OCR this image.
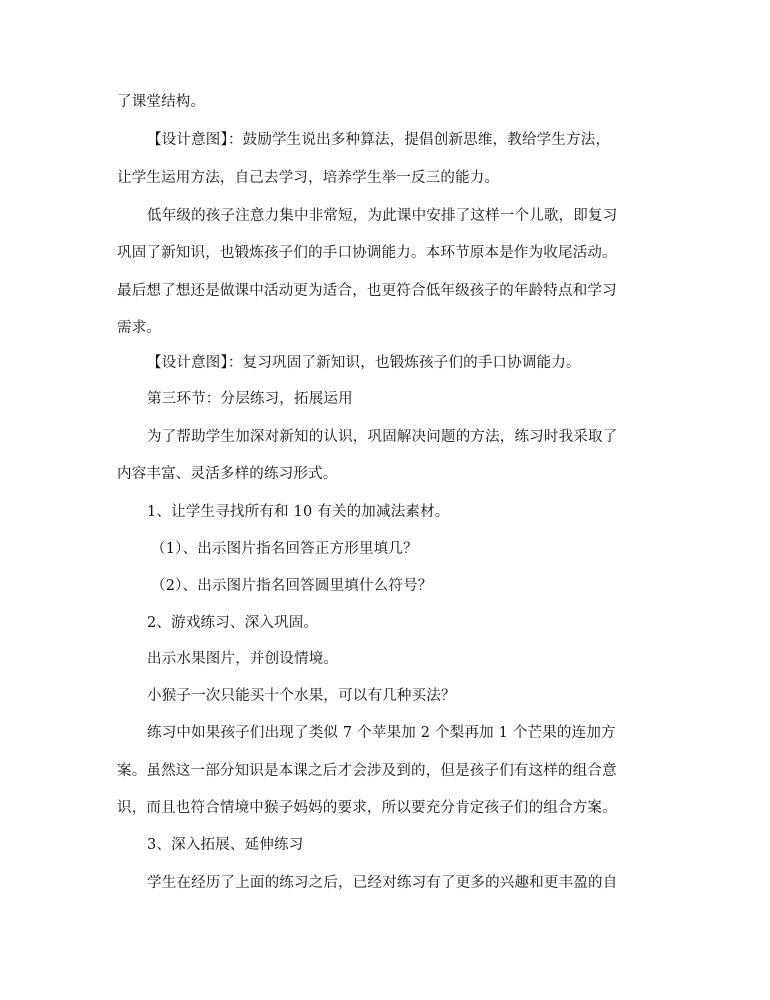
了课堂结构。
【设计意图】：鼓励学生说出多种算法，提倡创新思维，教给学生方法，
让学生运用方法，自己去学习，培养学生举一反三的能力。
低年级的孩子注意力集中非常短，为此课中安排了这样一个儿歌，即复习
巩固了新知识，也锻炼孩子们的手口协调能力。本环节原本是作为收尾活动。
最后想了想还是做课中活动更为适合，也更符合低年级孩子的年龄特点和学习
需求。
【设计意图】：复习巩固了新知识，也锻炼孩子们的手口协调能力。
第三环节：分层练习，拓展运用
为了帮助学生加深对新知的认识，巩固解决问题的方法，练习时我采取了
内容丰富、灵活多样的练习形式。
1、让学生寻找所有和 10 有关的加减法素材。
（1）、出示图片指名回答正方形里填几？
（2）、出示图片指名回答圆里填什么符号？
2、游戏练习、深入巩固。
出示水果图片，并创设情境。
小猴子一次只能买十个水果，可以有几种买法？
练习中如果孩子们出现了类似 7 个苹果加 2 个梨再加 1 个芒果的连加方
案。虽然这一部分知识是本课之后才会涉及到的，但是孩子们有这样的组合意
识，而且也符合情境中猴子妈妈的要求，所以要充分肯定孩子们的组合方案。
3、深入拓展、延伸练习
学生在经历了上面的练习之后，已经对练习有了更多的兴趣和更丰盈的自
